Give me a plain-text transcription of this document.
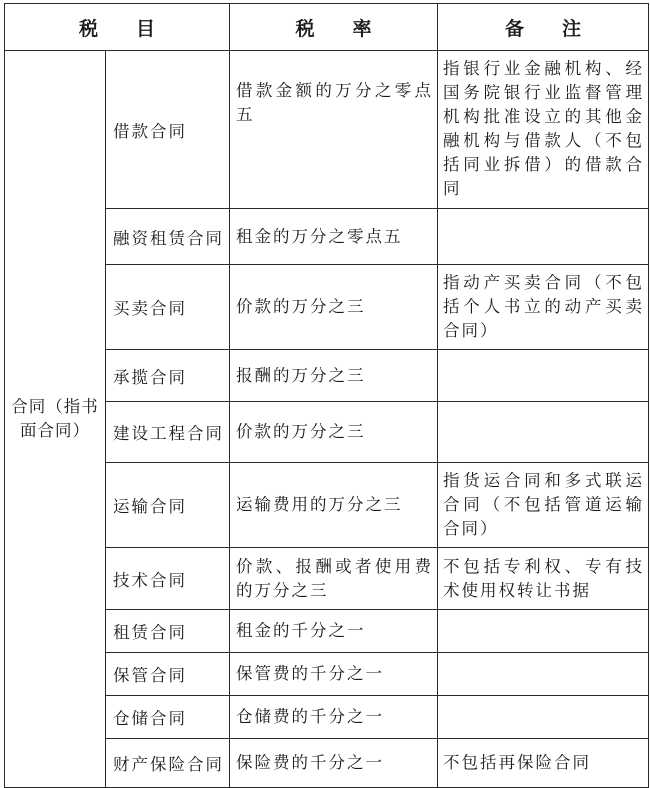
税　　目		税　　率	备　　注
合同（指书面合同）	借款合同	借款金额的万分之零点五	指银行业金融机构、经国务院银行业监督管理机构批准设立的其他金融机构与借款人（不包括同业拆借）的借款合同
	融资租赁合同	租金的万分之零点五	
	买卖合同	价款的万分之三	指动产买卖合同（不包括个人书立的动产买卖合同）
	承揽合同	报酬的万分之三	
	建设工程合同	价款的万分之三	
	运输合同	运输费用的万分之三	指货运合同和多式联运合同（不包括管道运输合同）
	技术合同	价款、报酬或者使用费的万分之三	不包括专利权、专有技术使用权转让书据
	租赁合同	租金的千分之一	
	保管合同	保管费的千分之一	
	仓储合同	仓储费的千分之一	
	财产保险合同	保险费的千分之一	不包括再保险合同
